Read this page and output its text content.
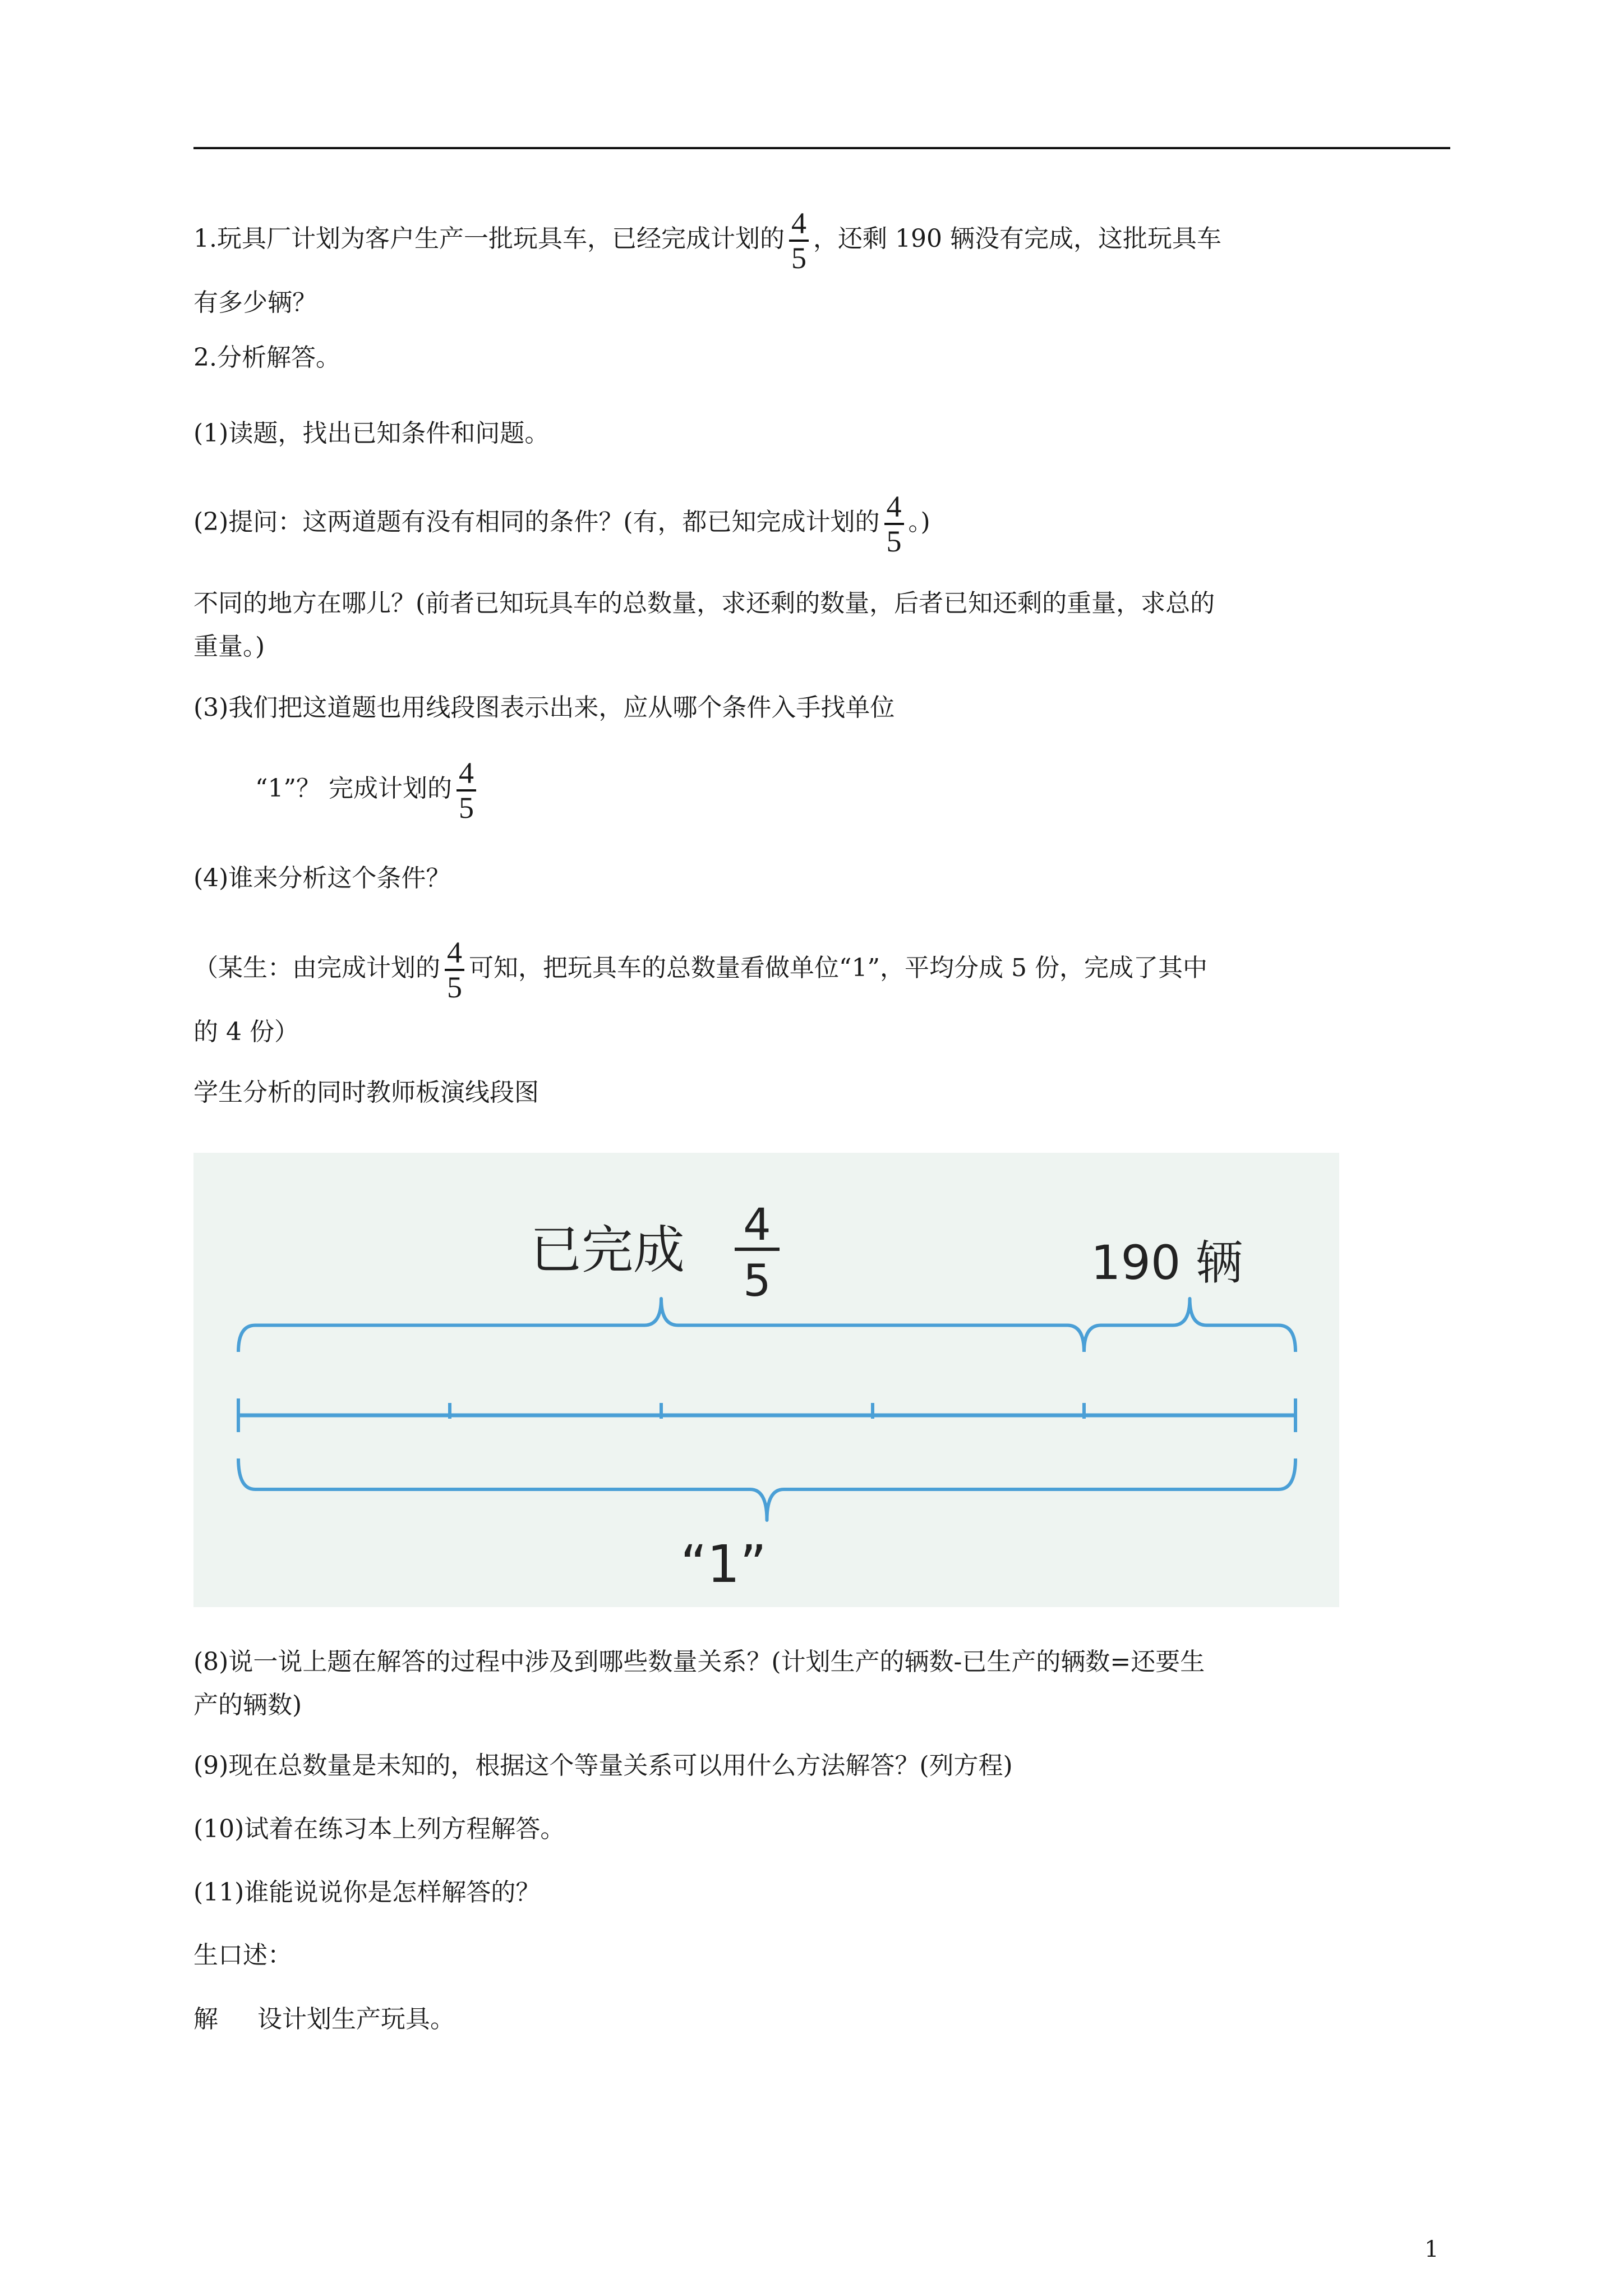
1.玩具厂计划为客户生产一批玩具车，已经完成计划的 $\frac{4}{5}$ ，还剩 190 辆没有完成，这批玩具车
有多少辆？
2.分析解答。
(1)读题，找出已知条件和问题。
(2)提问：这两道题有没有相同的条件？(有，都已知完成计划的 $\frac{4}{5}$ 。)
不同的地方在哪儿？(前者已知玩具车的总数量，求还剩的数量，后者已知还剩的重量，求总的
重量。)
(3)我们把这道题也用线段图表示出来，应从哪个条件入手找单位
“1”？ 完成计划的 $\frac{4}{5}$
(4)谁来分析这个条件？
（某生：由完成计划的 $\frac{4}{5}$ 可知，把玩具车的总数量看做单位“1”，平均分成 5 份，完成了其中
的 4 份）
学生分析的同时教师板演线段图
已完成 4
5	190 辆
“1”
(8)说一说上题在解答的过程中涉及到哪些数量关系？(计划生产的辆数-已生产的辆数=还要生
产的辆数)
(9)现在总数量是未知的，根据这个等量关系可以用什么方法解答？(列方程)
(10)试着在练习本上列方程解答。
(11)谁能说说你是怎样解答的？
生口述：
解 设计划生产玩具。
1
